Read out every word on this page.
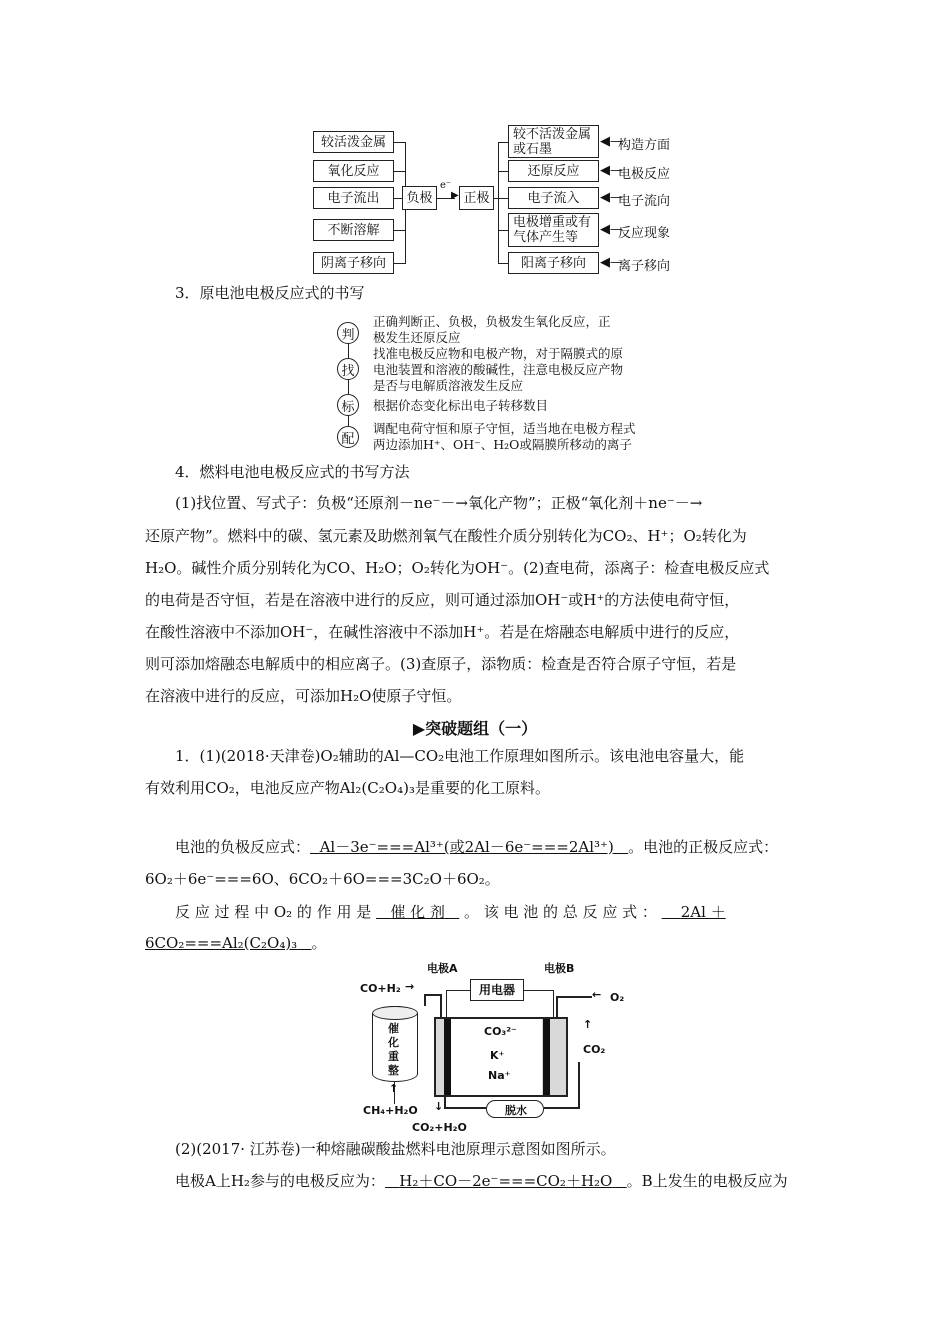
较活泼金属
氧化反应
电子流出
不断溶解
阴离子移向
负极
e⁻
▶ 正极
较不活泼金属
或石墨
还原反应
电子流入
电极增重或有
气体产生等
阳离子移向
◀—
构造方面
◀—
电极反应
◀—
电子流向
◀—
反应现象
◀—
离子移向
3．原电池电极反应式的书写
判
正确判断正、负极，负极发生氧化反应，正
极发生还原反应
找
找准电极反应物和电极产物，对于隔膜式的原
电池装置和溶液的酸碱性，注意电极反应产物
是否与电解质溶液发生反应
标	根据价态变化标出电子转移数目
配
调配电荷守恒和原子守恒，适当地在电极方程式
两边添加H⁺、OH⁻、H₂O或隔膜所移动的离子
4．燃料电池电极反应式的书写方法
(1)找位置、写式子：负极“还原剂－ne⁻－→氧化产物”；正极“氧化剂＋ne⁻－→
还原产物”。燃料中的碳、氢元素及助燃剂氧气在酸性介质分别转化为CO₂、H⁺；O₂转化为
H₂O。碱性介质分别转化为CO、H₂O；O₂转化为OH⁻。(2)查电荷，添离子：检查电极反应式
的电荷是否守恒，若是在溶液中进行的反应，则可通过添加OH⁻或H⁺的方法使电荷守恒，
在酸性溶液中不添加OH⁻，在碱性溶液中不添加H⁺。若是在熔融态电解质中进行的反应，
则可添加熔融态电解质中的相应离子。(3)查原子，添物质：检查是否符合原子守恒，若是
在溶液中进行的反应，可添加H₂O使原子守恒。
▶突破题组（一）
1．(1)(2018·天津卷)O₂辅助的Al—CO₂电池工作原理如图所示。该电池电容量大，能
有效利用CO₂，电池反应产物Al₂(C₂O₄)₃是重要的化工原料。
电池的负极反应式： Al－3e⁻===Al³⁺(或2Al－6e⁻===2Al³⁺) 。电池的正极反应式：
6O₂＋6e⁻===6O、6CO₂＋6O===3C₂O＋6O₂。
反 应 过 程 中 O₂ 的 作 用 是 催 化 剂 。 该 电 池 的 总 反 应 式 ： 2Al ＋
6CO₂===Al₂(C₂O₄)₃ 。
电极A	电极B
用电器
CO+H₂ →
CO₃²⁻
K⁺
Na⁺
← O₂
↑
CO₂
催
化
重
整
↑
CH₄+H₂O	脱水
↓
CO₂+H₂O
(2)(2017· 江苏卷)一种熔融碳酸盐燃料电池原理示意图如图所示。
电极A上H₂参与的电极反应为： H₂＋CO－2e⁻===CO₂＋H₂O 。B上发生的电极反应为
